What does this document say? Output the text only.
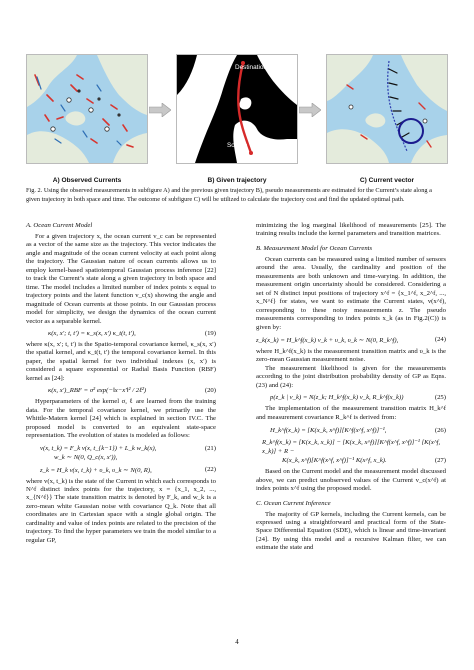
Destination
Source
A) Observed Currents	B) Given trajectory	C) Current vector

Fig. 2. Using the observed measurements in subfigure A) and the previous given trajectory B), pseudo measurements are estimated for the Current’s state along a given trajectory in both space and time. The outcome of subfigure C) will be utilized to calculate the trajectory cost and find the updated optimal path.

A. Ocean Current Model

For a given trajectory x, the ocean current v_c can be represented as a vector of the same size as the trajectory. This vector indicates the angle and magnitude of the ocean current velocity at each point along the trajectory. The Gaussian nature of ocean currents allows us to employ kernel-based spatiotemporal Gaussian process inference [22] to track the Current’s state along a given trajectory in both space and time. The model includes a limited number of index points x equal to trajectory points and the latent function v_c(x) showing the angle and magnitude of Ocean currents at those points. In our Gaussian process model for simplicity, we design the dynamics of the ocean current vector as a separable kernel.

κ(x, x′; t, t′) = κ_s(x, x′) κ_t(t, t′),	(19)

where κ(x, x′; t, t′) is the Spatio-temporal covariance kernel, κ_s(x, x′) the spatial kernel, and κ_t(t, t′) the temporal covariance kernel. In this paper, the spatial kernel for two individual indexes (x, x′) is considered a square exponential or Radial Basis Function (RBF) kernel as [24]:

κ(x, x′)_RBF = σ² exp(−‖x−x′‖² / 2ℓ²)	(20)

Hyperparameters of the kernel σ, ℓ are learned from the training data. For the temporal covariance kernel, we primarily use the Whittle-Matern kernel [24] which is explained in section IV.C. The proposed model is converted to an equivalent state-space representation. The evolution of states is modeled as follows:

v(x, t_k) = F_k v(x, t_{k−1}) + L_k w_k(x),	(21)
w_k ∼ N(0, Q_c(x, x′)),
z_k = H_k v(x, t_k) + υ_k, υ_k ∼ N(0, R),	(22)

where v(x, t_k) is the state of the Current in which each corresponds to N^f distinct index points for the trajectory, x = {x_1, x_2, ..., x_{N^f}} The state transition matrix is denoted by F_k, and w_k is a zero-mean white Gaussian noise with covariance Q_k. Note that all coordinates are in Cartesian space with a single global origin. The cardinality and value of index points are related to the precision of the trajectory. To find the hyper parameters we train the model similar to a regular GP,

minimizing the log marginal likelihood of measurements [25]. The training results include the kernel parameters and transition matrices.

B. Measurement Model for Ocean Currents

Ocean currents can be measured using a limited number of sensors around the area. Usually, the cardinality and position of the measurements are both unknown and time-varying. In addition, the measurement origin uncertainty should be considered. Considering a set of N distinct input positions of trajectory x^f = {x_1^f, x_2^f, ..., x_N^f} for states, we want to estimate the Current states, v(x^f), corresponding to these noisy measurements z. The pseudo measurements corresponding to index points x_k (as in Fig.2(C)) is given by:

z_k(x_k) = H_k^f(x_k) v_k + υ_k, υ_k ∼ N(0, R_k^f),	(24)

where H_k^f(x_k) is the measurement transition matrix and υ_k is the zero-mean Gaussian measurement noise.

The measurement likelihood is given for the measurements according to the joint distribution probability density of GP as Eqns.(23) and (24):

p(z_k | v_k) = N(z_k; H_k^f(x_k) v_k, R_k^f(x_k))	(25)

The implementation of the measurement transition matrix H_k^f and measurement covariance R_k^f is derived from:

H_k^f(x_k) = [K(x_k, x^f)][K^f(x^f, x^f)]⁻¹,	(26)
R_k^f(x_k) = [K(x_k, x_k)] − [K(x_k, x^f)][K^f(x^f, x^f)]⁻¹ [K(x^f, x_k)] + R −
K(x_k, x^f)[K^f(x^f, x^f)]⁻¹ K(x^f, x_k).	(27)

Based on the Current model and the measurement model discussed above, we can predict unobserved values of the Current v_c(x^f) at index points x^f using the proposed model.

C. Ocean Current Inference

The majority of GP kernels, including the Current kernels, can be expressed using a straightforward and practical form of the State-Space Differential Equation (SDE), which is linear and time-invariant [24]. By using this model and a recursive Kalman filter, we can estimate the state and

4
